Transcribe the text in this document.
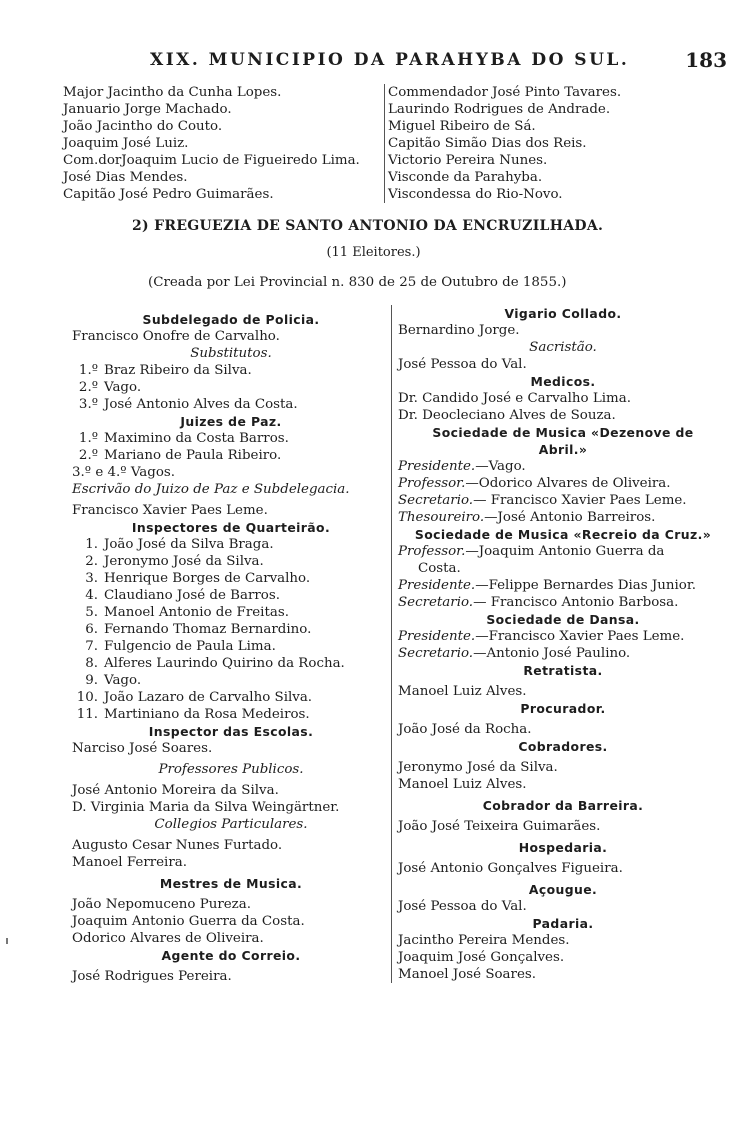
XIX. MUNICIPIO DA PARAHYBA DO SUL.	183
Major Jacintho da Cunha Lopes.
Januario Jorge Machado.
João Jacintho do Couto.
Joaquim José Luiz.
Com.dorJoaquim Lucio de Figueiredo Lima.
José Dias Mendes.
Capitão José Pedro Guimarães.
Commendador José Pinto Tavares.
Laurindo Rodrigues de Andrade.
Miguel Ribeiro de Sá.
Capitão Simão Dias dos Reis.
Victorio Pereira Nunes.
Visconde da Parahyba.
Viscondessa do Rio-Novo.
2) FREGUEZIA DE SANTO ANTONIO DA ENCRUZILHADA.
(11 Eleitores.)
(Creada por Lei Provincial n. 830 de 25 de Outubro de 1855.)
Subdelegado de Policia.
Francisco Onofre de Carvalho.
Substitutos.
1.º Braz Ribeiro da Silva.
2.º Vago.
3.º José Antonio Alves da Costa.
Juizes de Paz.
1.º Maximino da Costa Barros.
2.º Mariano de Paula Ribeiro.
3.º e 4.º Vagos.
Escrivão do Juizo de Paz e Subdelegacia.
Francisco Xavier Paes Leme.
Inspectores de Quarteirão.
1. João José da Silva Braga.
2. Jeronymo José da Silva.
3. Henrique Borges de Carvalho.
4. Claudiano José de Barros.
5. Manoel Antonio de Freitas.
6. Fernando Thomaz Bernardino.
7. Fulgencio de Paula Lima.
8. Alferes Laurindo Quirino da Rocha.
9. Vago.
10. João Lazaro de Carvalho Silva.
11. Martiniano da Rosa Medeiros.
Inspector das Escolas.
Narciso José Soares.
Professores Publicos.
José Antonio Moreira da Silva.
D. Virginia Maria da Silva Weingärtner.
Collegios Particulares.
Augusto Cesar Nunes Furtado.
Manoel Ferreira.
Mestres de Musica.
João Nepomuceno Pureza.
Joaquim Antonio Guerra da Costa.
Odorico Alvares de Oliveira.
Agente do Correio.
José Rodrigues Pereira.
Vigario Collado.
Bernardino Jorge.
Sacristão.
José Pessoa do Val.
Medicos.
Dr. Candido José e Carvalho Lima.
Dr. Deocleciano Alves de Souza.
Sociedade de Musica «Dezenove de Abril.»
Presidente.—Vago.
Professor.—Odorico Alvares de Oliveira.
Secretario.— Francisco Xavier Paes Leme.
Thesoureiro.—José Antonio Barreiros.
Sociedade de Musica «Recreio da Cruz.»
Professor.—Joaquim Antonio Guerra da
Costa.
Presidente.—Felippe Bernardes Dias Junior.
Secretario.— Francisco Antonio Barbosa.
Sociedade de Dansa.
Presidente.—Francisco Xavier Paes Leme.
Secretario.—Antonio José Paulino.
Retratista.
Manoel Luiz Alves.
Procurador.
João José da Rocha.
Cobradores.
Jeronymo José da Silva.
Manoel Luiz Alves.
Cobrador da Barreira.
João José Teixeira Guimarães.
Hospedaria.
José Antonio Gonçalves Figueira.
Açougue.
José Pessoa do Val.
Padaria.
Jacintho Pereira Mendes.
Joaquim José Gonçalves.
Manoel José Soares.
